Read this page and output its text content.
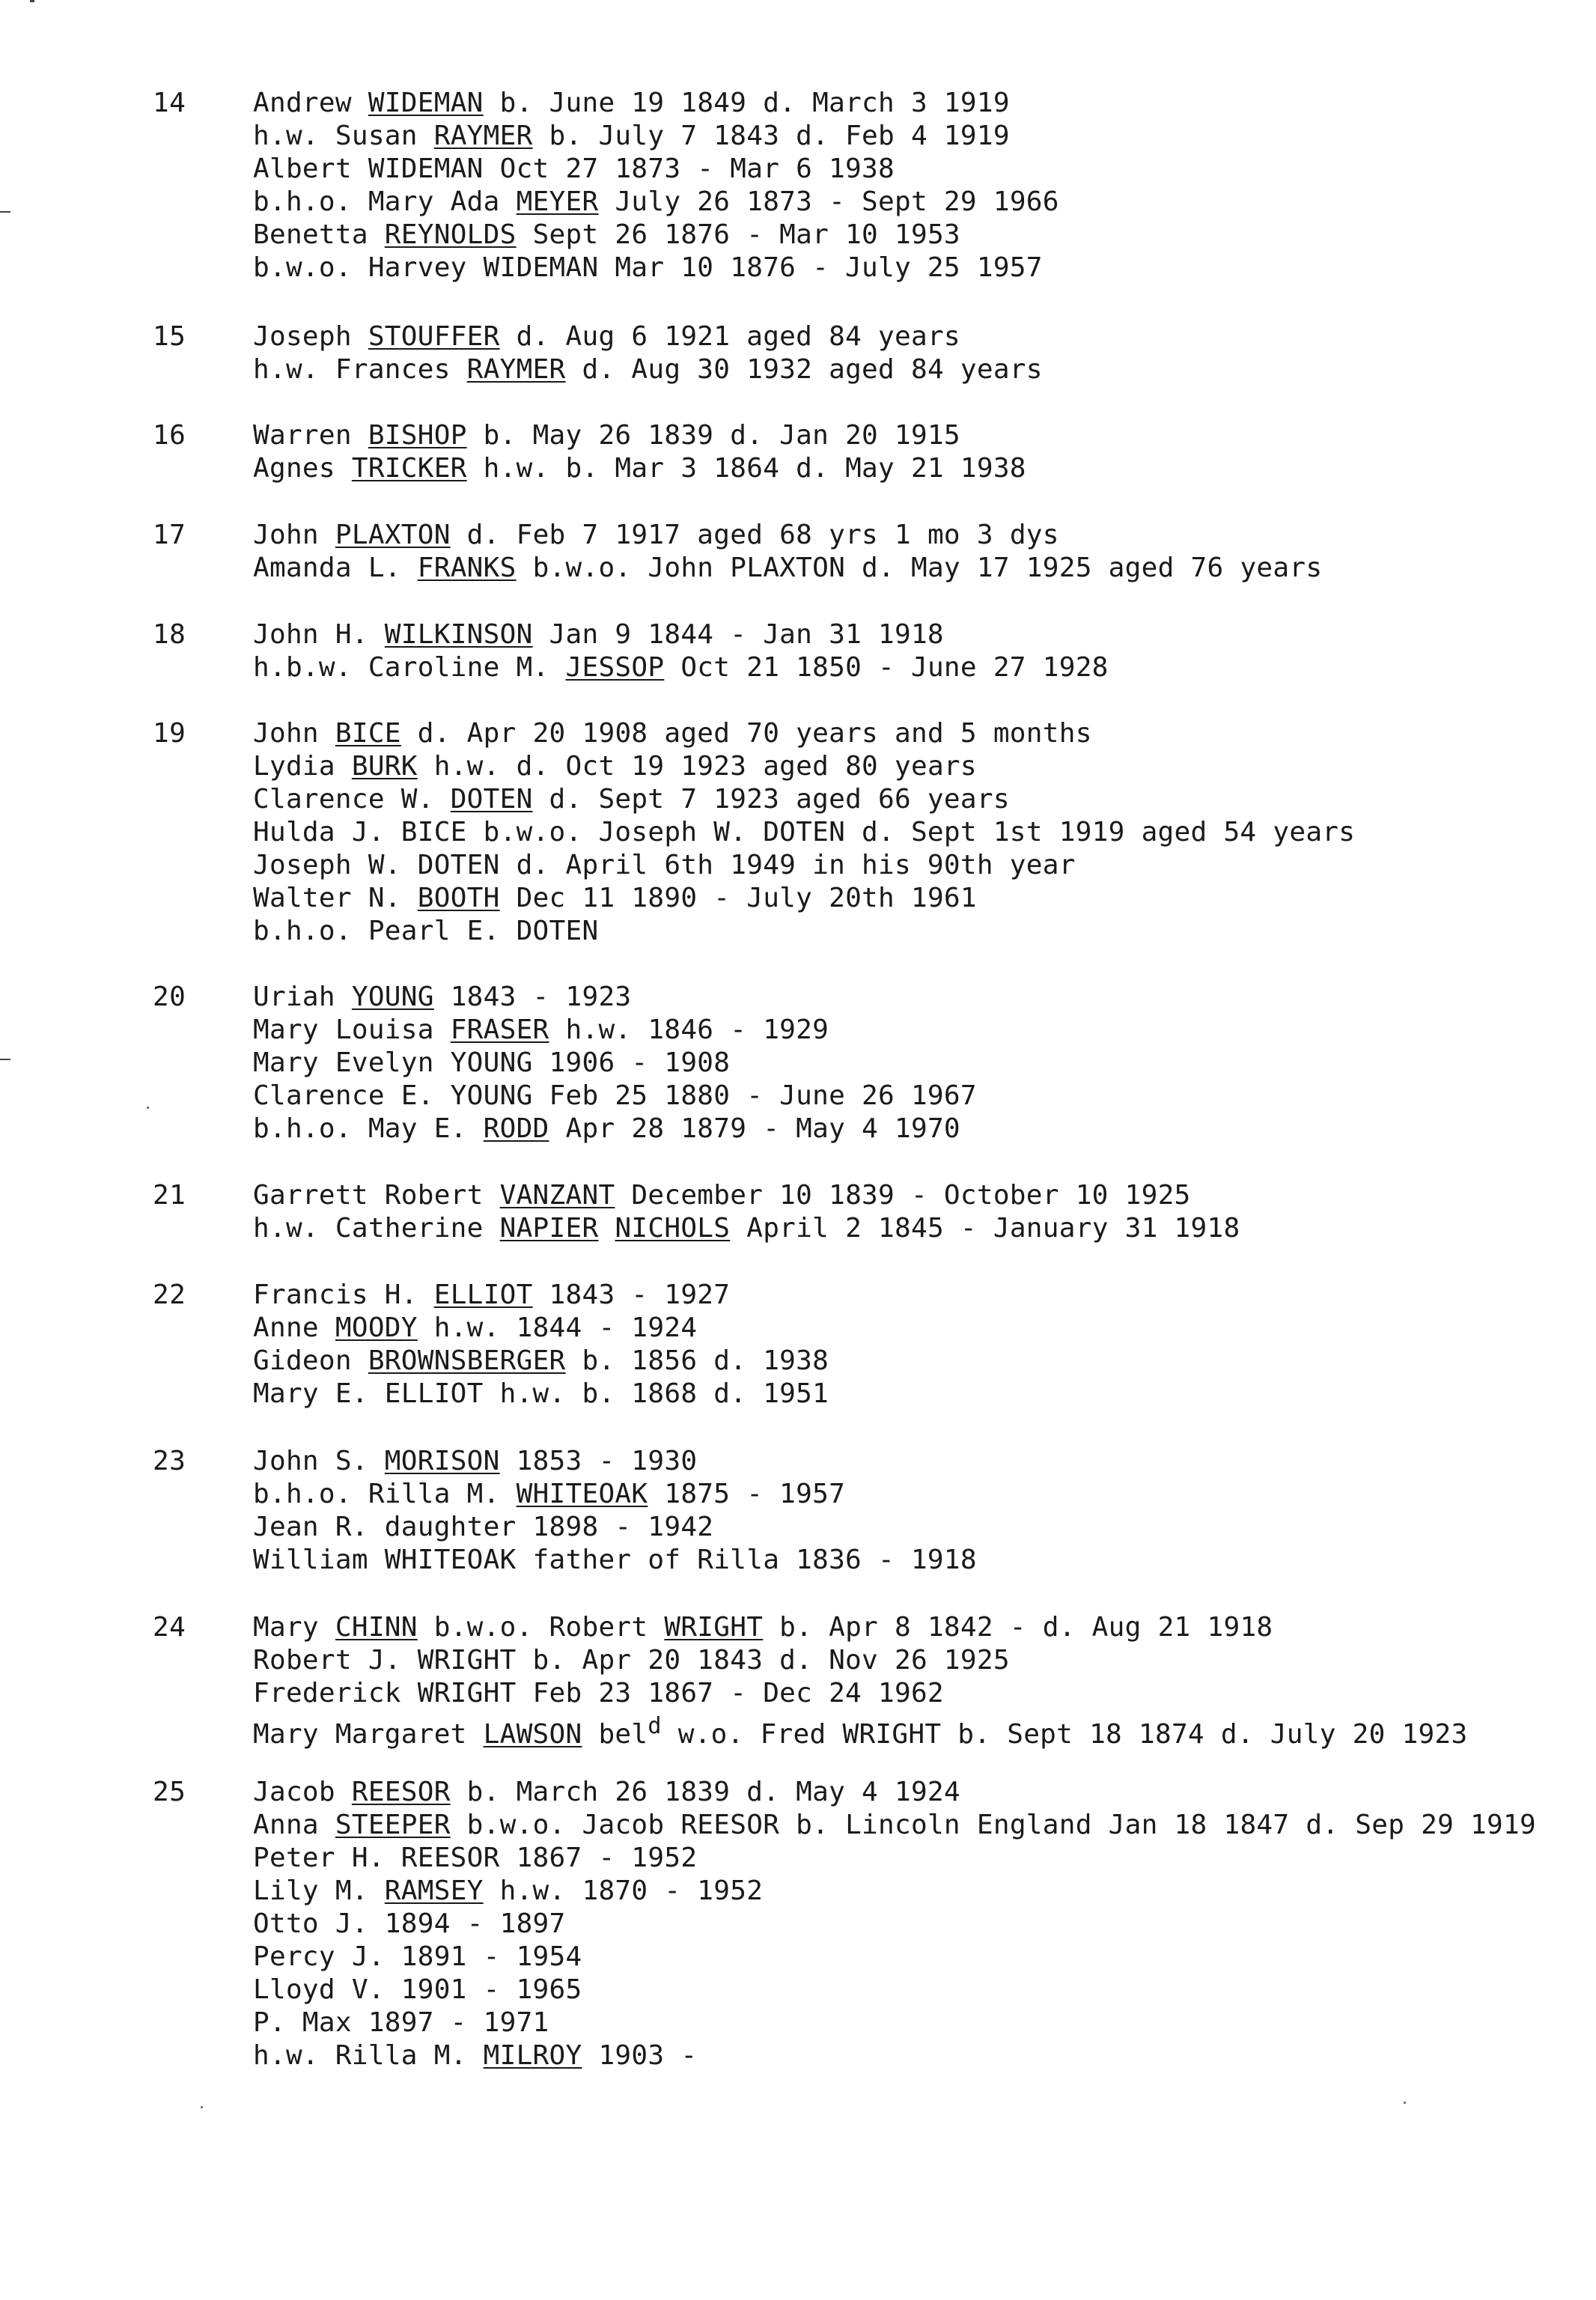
14 Andrew WIDEMAN b. June 19 1849 d. March 3 1919
h.w. Susan RAYMER b. July 7 1843 d. Feb 4 1919
Albert WIDEMAN Oct 27 1873 - Mar 6 1938
b.h.o. Mary Ada MEYER July 26 1873 - Sept 29 1966
Benetta REYNOLDS Sept 26 1876 - Mar 10 1953
b.w.o. Harvey WIDEMAN Mar 10 1876 - July 25 1957
15 Joseph STOUFFER d. Aug 6 1921 aged 84 years
h.w. Frances RAYMER d. Aug 30 1932 aged 84 years
16 Warren BISHOP b. May 26 1839 d. Jan 20 1915
Agnes TRICKER h.w. b. Mar 3 1864 d. May 21 1938
17 John PLAXTON d. Feb 7 1917 aged 68 yrs 1 mo 3 dys
Amanda L. FRANKS b.w.o. John PLAXTON d. May 17 1925 aged 76 years
18 John H. WILKINSON Jan 9 1844 - Jan 31 1918
h.b.w. Caroline M. JESSOP Oct 21 1850 - June 27 1928
19 John BICE d. Apr 20 1908 aged 70 years and 5 months
Lydia BURK h.w. d. Oct 19 1923 aged 80 years
Clarence W. DOTEN d. Sept 7 1923 aged 66 years
Hulda J. BICE b.w.o. Joseph W. DOTEN d. Sept 1st 1919 aged 54 years
Joseph W. DOTEN d. April 6th 1949 in his 90th year
Walter N. BOOTH Dec 11 1890 - July 20th 1961
b.h.o. Pearl E. DOTEN
20 Uriah YOUNG 1843 - 1923
Mary Louisa FRASER h.w. 1846 - 1929
Mary Evelyn YOUNG 1906 - 1908
Clarence E. YOUNG Feb 25 1880 - June 26 1967
b.h.o. May E. RODD Apr 28 1879 - May 4 1970
21 Garrett Robert VANZANT December 10 1839 - October 10 1925
h.w. Catherine NAPIER NICHOLS April 2 1845 - January 31 1918
22 Francis H. ELLIOT 1843 - 1927
Anne MOODY h.w. 1844 - 1924
Gideon BROWNSBERGER b. 1856 d. 1938
Mary E. ELLIOT h.w. b. 1868 d. 1951
23 John S. MORISON 1853 - 1930
b.h.o. Rilla M. WHITEOAK 1875 - 1957
Jean R. daughter 1898 - 1942
William WHITEOAK father of Rilla 1836 - 1918
24 Mary CHINN b.w.o. Robert WRIGHT b. Apr 8 1842 - d. Aug 21 1918
Robert J. WRIGHT b. Apr 20 1843 d. Nov 26 1925
Frederick WRIGHT Feb 23 1867 - Dec 24 1962
Mary Margaret LAWSON bel$^d$ w.o. Fred WRIGHT b. Sept 18 1874 d. July 20 1923
25 Jacob REESOR b. March 26 1839 d. May 4 1924
Anna STEEPER b.w.o. Jacob REESOR b. Lincoln England Jan 18 1847 d. Sep 29 1919
Peter H. REESOR 1867 - 1952
Lily M. RAMSEY h.w. 1870 - 1952
Otto J. 1894 - 1897
Percy J. 1891 - 1954
Lloyd V. 1901 - 1965
P. Max 1897 - 1971
h.w. Rilla M. MILROY 1903 -
